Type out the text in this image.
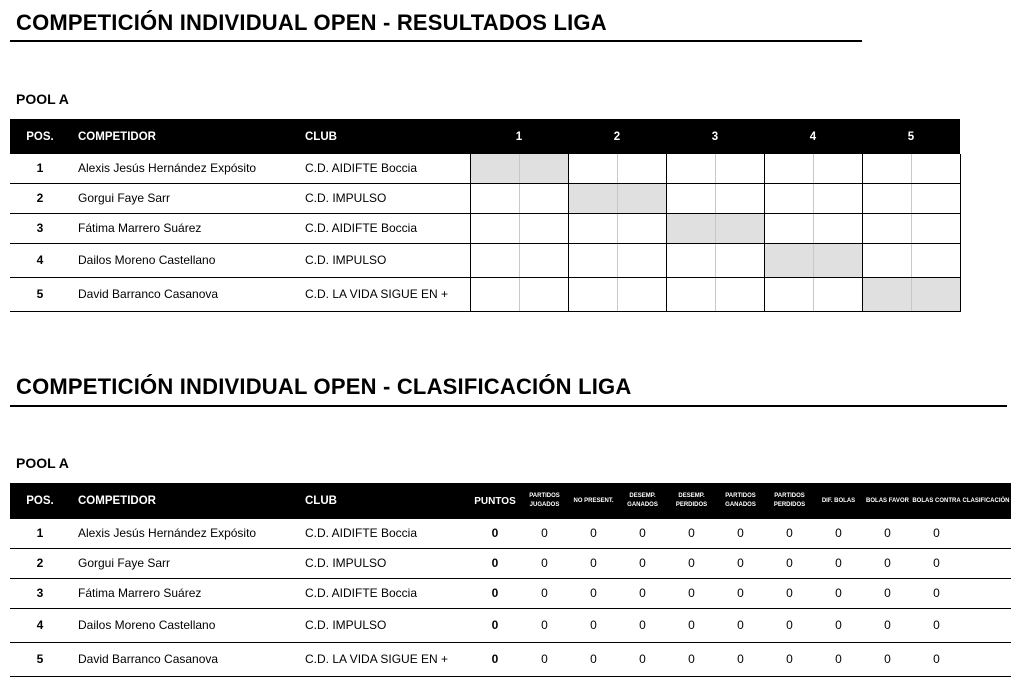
COMPETICIÓN INDIVIDUAL OPEN - RESULTADOS LIGA
POOL A
POS.	COMPETIDOR	CLUB	1		2		3		4		5	
1	Alexis Jesús Hernández Expósito	C.D. AIDIFTE Boccia										
2	Gorgui Faye Sarr	C.D. IMPULSO										
3	Fátima Marrero Suárez	C.D. AIDIFTE Boccia										
4	Dailos Moreno Castellano	C.D. IMPULSO										
5	David Barranco Casanova	C.D. LA VIDA SIGUE EN +										
COMPETICIÓN INDIVIDUAL OPEN - CLASIFICACIÓN LIGA
POOL A
POS.	COMPETIDOR	CLUB	PUNTOS	PARTIDOS JUGADOS	NO PRESENT.	DESEMP. GANADOS	DESEMP. PERDIDOS	PARTIDOS GANADOS	PARTIDOS PERDIDOS	DIF. BOLAS	BOLAS FAVOR	BOLAS CONTRA	CLASIFICACIÓN
1	Alexis Jesús Hernández Expósito	C.D. AIDIFTE Boccia	0	0	0	0	0	0	0	0	0	0	
2	Gorgui Faye Sarr	C.D. IMPULSO	0	0	0	0	0	0	0	0	0	0	
3	Fátima Marrero Suárez	C.D. AIDIFTE Boccia	0	0	0	0	0	0	0	0	0	0	
4	Dailos Moreno Castellano	C.D. IMPULSO	0	0	0	0	0	0	0	0	0	0	
5	David Barranco Casanova	C.D. LA VIDA SIGUE EN +	0	0	0	0	0	0	0	0	0	0	
